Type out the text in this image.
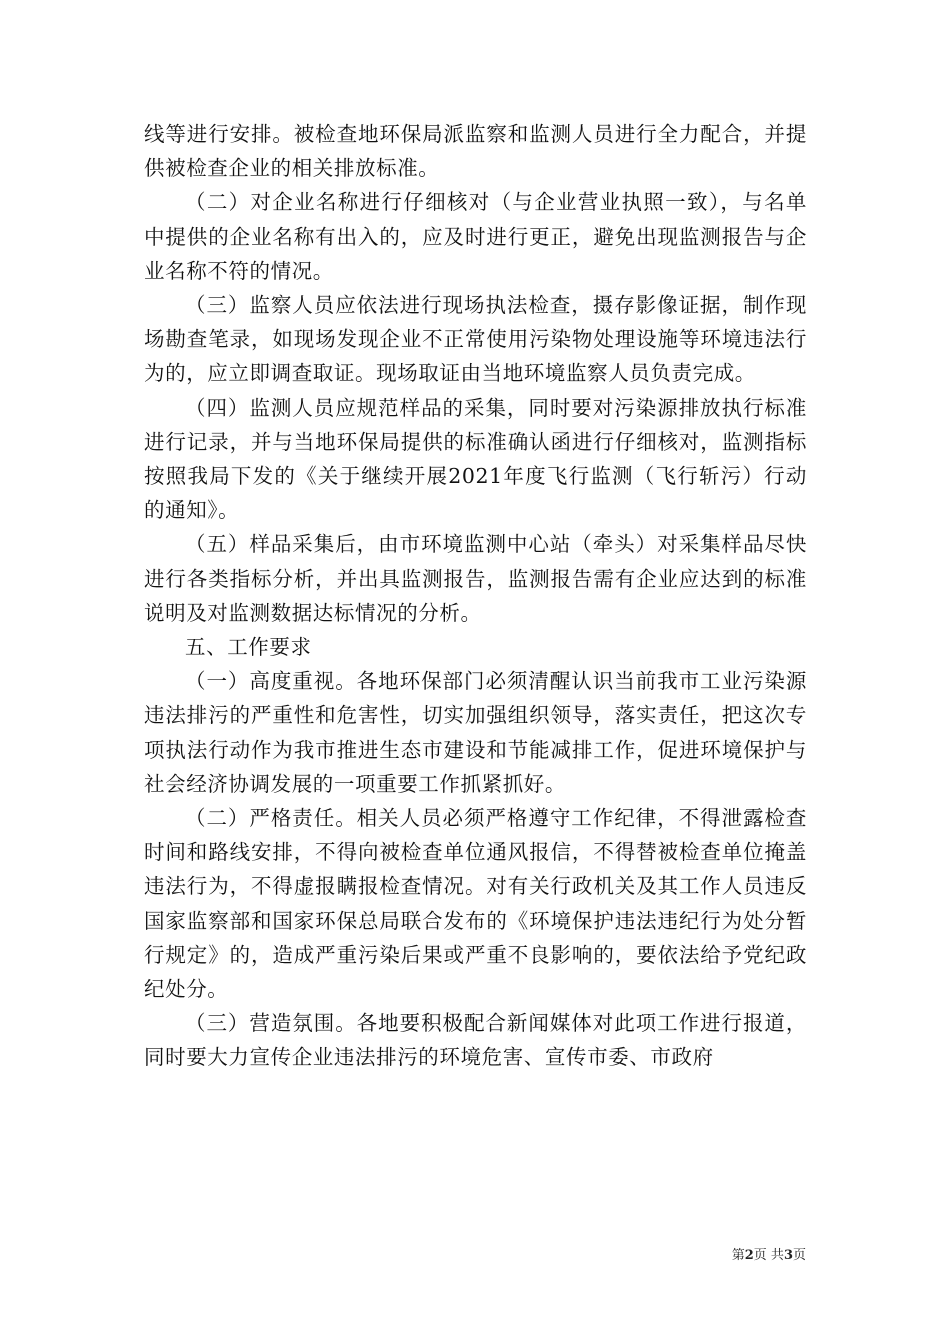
线等进行安排。被检查地环保局派监察和监测人员进行全力配合，并提供被检查企业的相关排放标准。

（二）对企业名称进行仔细核对（与企业营业执照一致），与名单中提供的企业名称有出入的，应及时进行更正，避免出现监测报告与企业名称不符的情况。

（三）监察人员应依法进行现场执法检查，摄存影像证据，制作现场勘查笔录，如现场发现企业不正常使用污染物处理设施等环境违法行为的，应立即调查取证。现场取证由当地环境监察人员负责完成。

（四）监测人员应规范样品的采集，同时要对污染源排放执行标准进行记录，并与当地环保局提供的标准确认函进行仔细核对，监测指标按照我局下发的《关于继续开展2021年度飞行监测（飞行斩污）行动的通知》。

（五）样品采集后，由市环境监测中心站（牵头）对采集样品尽快进行各类指标分析，并出具监测报告，监测报告需有企业应达到的标准说明及对监测数据达标情况的分析。

五、工作要求

（一）高度重视。各地环保部门必须清醒认识当前我市工业污染源违法排污的严重性和危害性，切实加强组织领导，落实责任，把这次专项执法行动作为我市推进生态市建设和节能减排工作，促进环境保护与社会经济协调发展的一项重要工作抓紧抓好。

（二）严格责任。相关人员必须严格遵守工作纪律，不得泄露检查时间和路线安排，不得向被检查单位通风报信，不得替被检查单位掩盖违法行为，不得虚报瞒报检查情况。对有关行政机关及其工作人员违反国家监察部和国家环保总局联合发布的《环境保护违法违纪行为处分暂行规定》的，造成严重污染后果或严重不良影响的，要依法给予党纪政纪处分。

（三）营造氛围。各地要积极配合新闻媒体对此项工作进行报道，同时要大力宣传企业违法排污的环境危害、宣传市委、市政府

第2页 共3页
